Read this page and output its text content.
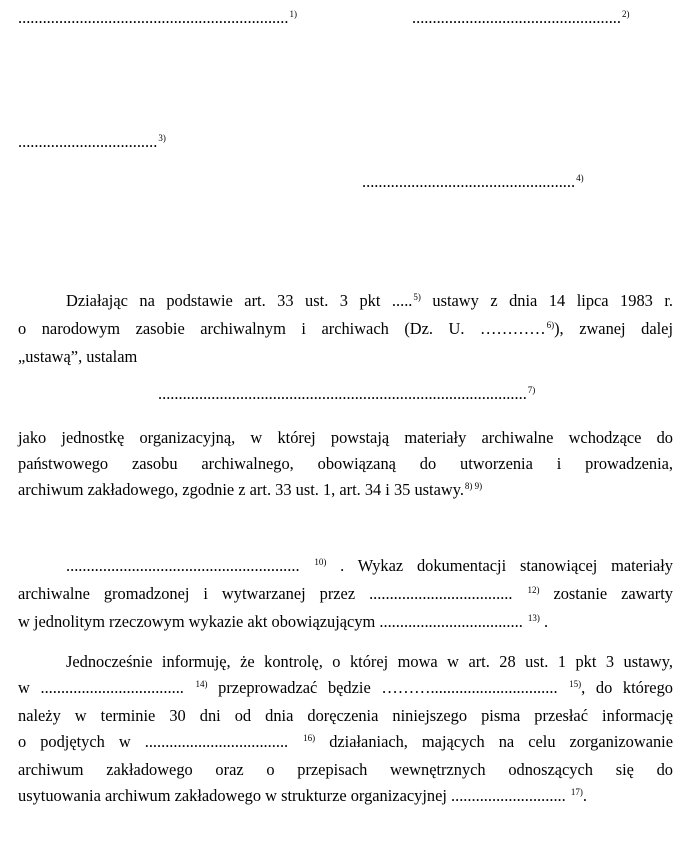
..................................................................$^{1)}$	...................................................$^{2)}$
..................................$^{3)}$
....................................................$^{4)}$
Działając na podstawie art. 33 ust. 3 pkt .....$^{5)}$ ustawy z dnia 14 lipca 1983 r.
o narodowym zasobie archiwalnym i archiwach (Dz. U. …………$^{6)}$), zwanej dalej
„ustawą”, ustalam
..........................................................................................$^{7)}$
jako jednostkę organizacyjną, w której powstają materiały archiwalne wchodzące do
państwowego zasobu archiwalnego, obowiązaną do utworzenia i prowadzenia,
archiwum zakładowego, zgodnie z art. 33 ust. 1, art. 34 i 35 ustawy.$^{8) 9)}$
......................................................... $^{10)}$ . Wykaz dokumentacji stanowiącej materiały
archiwalne gromadzonej i wytwarzanej przez ................................... $^{12)}$ zostanie zawarty
w jednolitym rzeczowym wykazie akt obowiązującym ................................... $^{13)}$ .
Jednocześnie informuję, że kontrolę, o której mowa w art. 28 ust. 1 pkt 3 ustawy,
w ................................... $^{14)}$ przeprowadzać będzie ………............................... $^{15)}$, do którego
należy w terminie 30 dni od dnia doręczenia niniejszego pisma przesłać informację
o podjętych w ................................... $^{16)}$ działaniach, mających na celu zorganizowanie
archiwum zakładowego oraz o przepisach wewnętrznych odnoszących się do
usytuowania archiwum zakładowego w strukturze organizacyjnej ............................ $^{17)}$.
